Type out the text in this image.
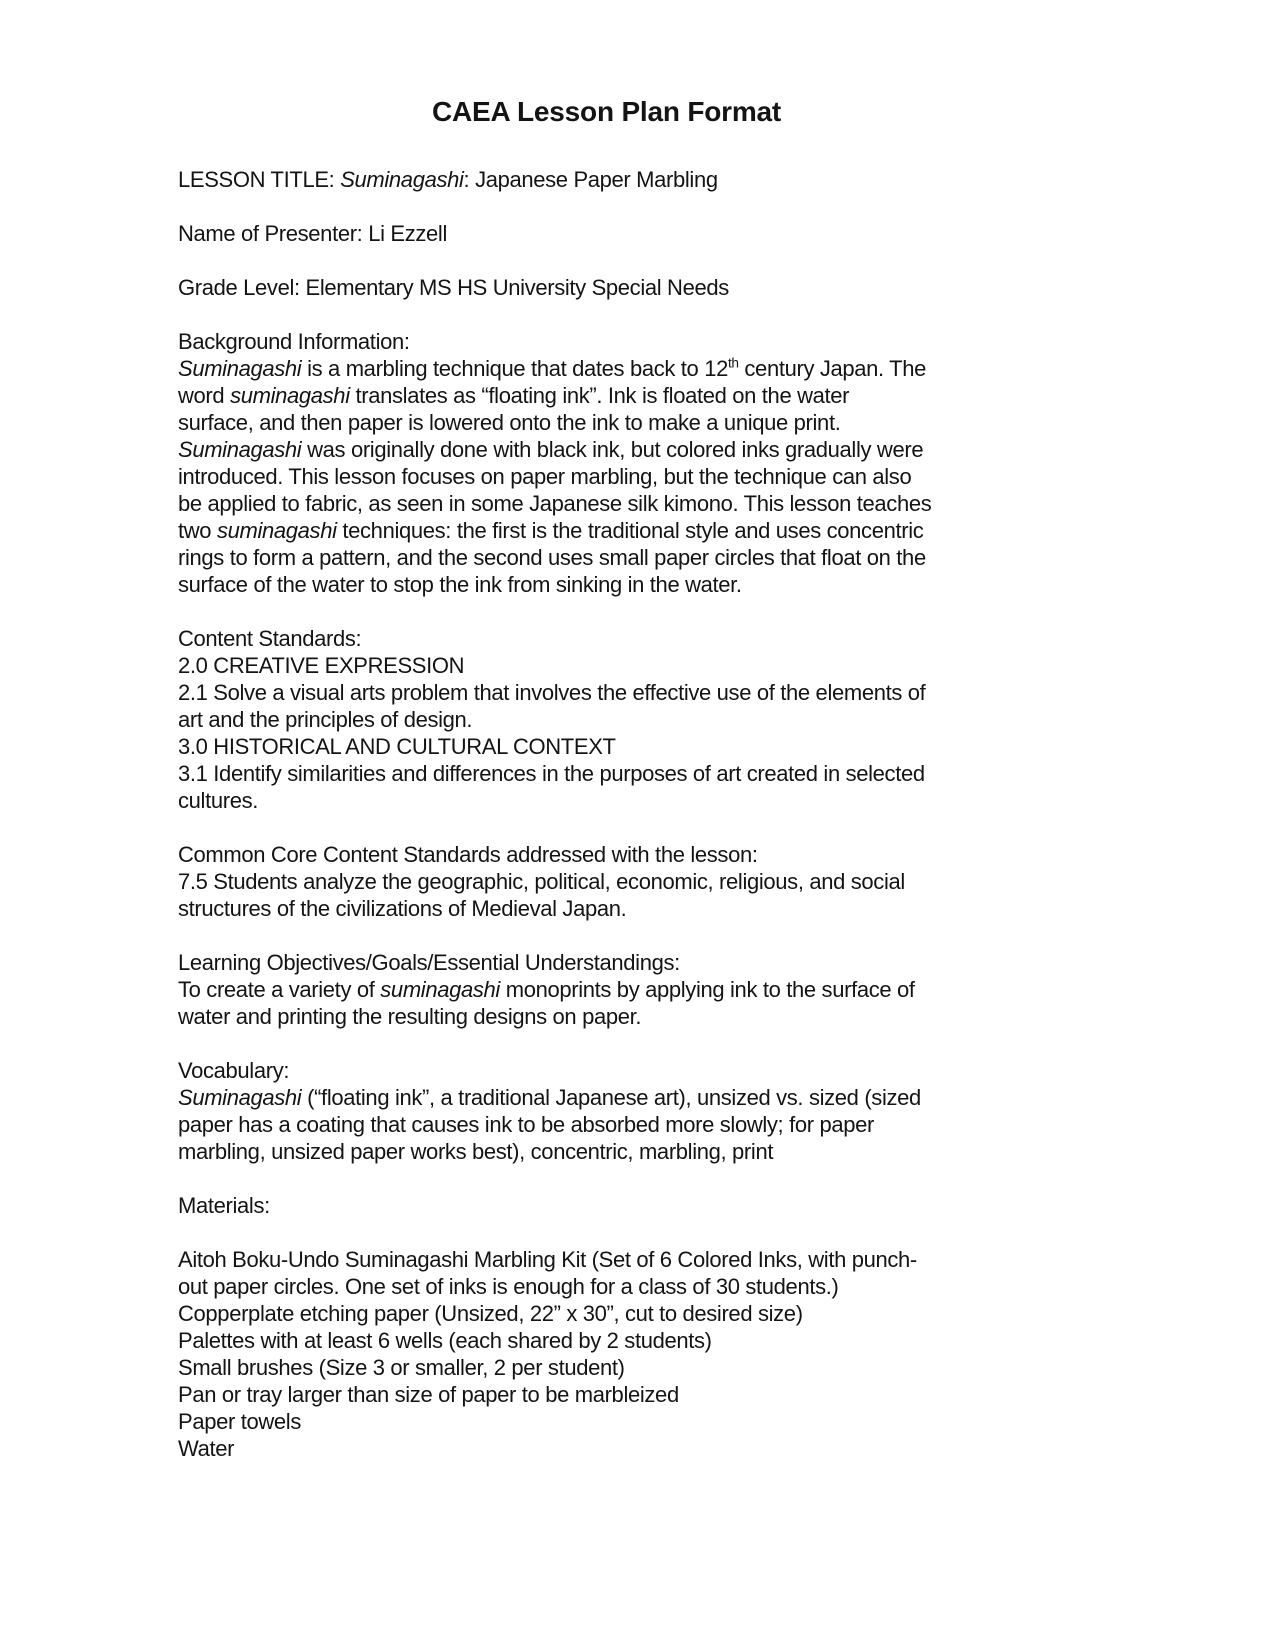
CAEA Lesson Plan Format
LESSON TITLE: Suminagashi: Japanese Paper Marbling
Name of Presenter: Li Ezzell
Grade Level: Elementary MS HS University Special Needs
Background Information:
Suminagashi is a marbling technique that dates back to 12th century Japan. The
word suminagashi translates as “floating ink”. Ink is floated on the water
surface, and then paper is lowered onto the ink to make a unique print.
Suminagashi was originally done with black ink, but colored inks gradually were
introduced. This lesson focuses on paper marbling, but the technique can also
be applied to fabric, as seen in some Japanese silk kimono. This lesson teaches
two suminagashi techniques: the first is the traditional style and uses concentric
rings to form a pattern, and the second uses small paper circles that float on the
surface of the water to stop the ink from sinking in the water.
Content Standards:
2.0 CREATIVE EXPRESSION
2.1 Solve a visual arts problem that involves the effective use of the elements of
art and the principles of design.
3.0 HISTORICAL AND CULTURAL CONTEXT
3.1 Identify similarities and differences in the purposes of art created in selected
cultures.
Common Core Content Standards addressed with the lesson:
7.5 Students analyze the geographic, political, economic, religious, and social
structures of the civilizations of Medieval Japan.
Learning Objectives/Goals/Essential Understandings:
To create a variety of suminagashi monoprints by applying ink to the surface of
water and printing the resulting designs on paper.
Vocabulary:
Suminagashi (“floating ink”, a traditional Japanese art), unsized vs. sized (sized
paper has a coating that causes ink to be absorbed more slowly; for paper
marbling, unsized paper works best), concentric, marbling, print
Materials:
Aitoh Boku-Undo Suminagashi Marbling Kit (Set of 6 Colored Inks, with punch-
out paper circles. One set of inks is enough for a class of 30 students.)
Copperplate etching paper (Unsized, 22” x 30”, cut to desired size)
Palettes with at least 6 wells (each shared by 2 students)
Small brushes (Size 3 or smaller, 2 per student)
Pan or tray larger than size of paper to be marbleized
Paper towels
Water
